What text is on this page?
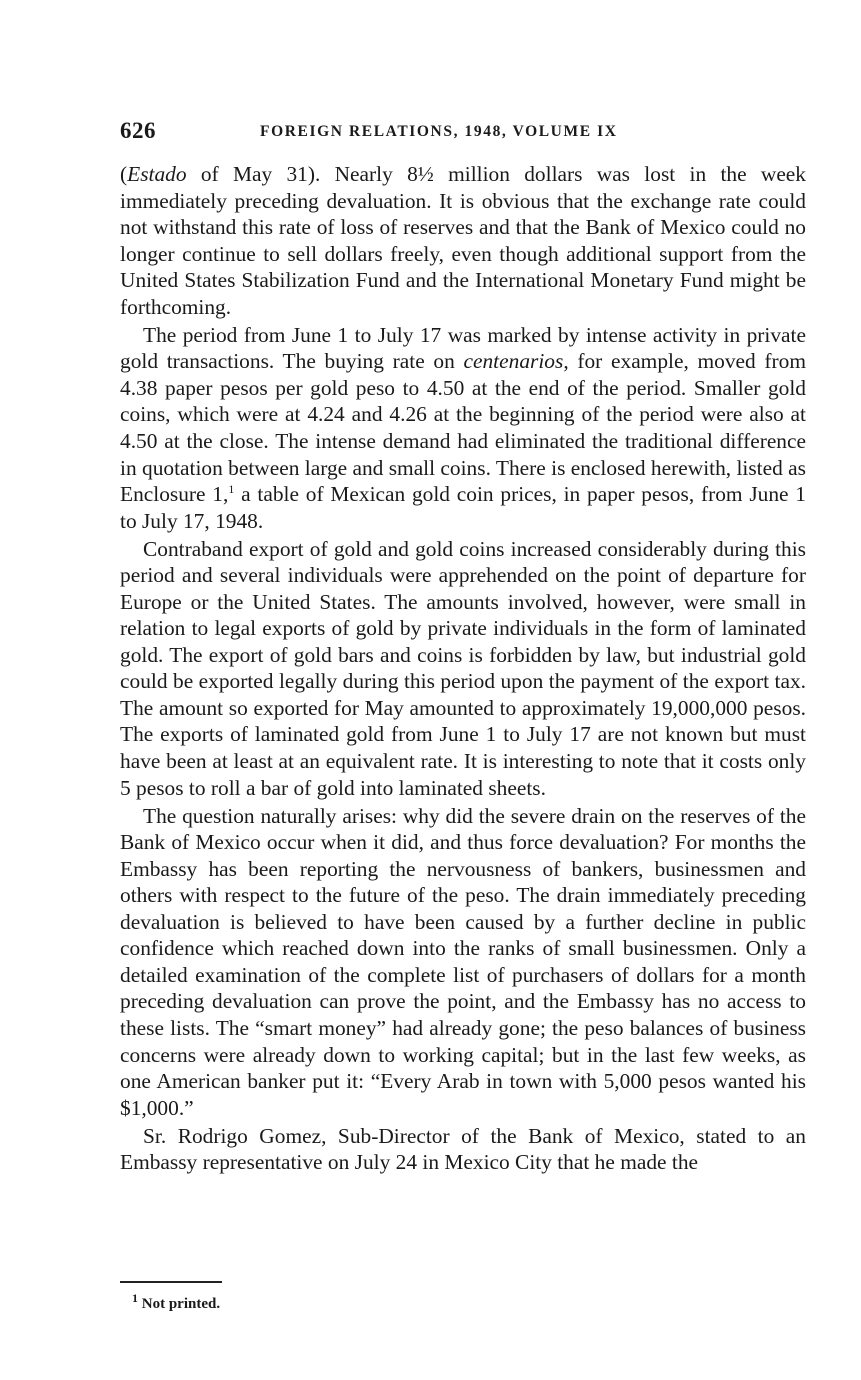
626	FOREIGN RELATIONS, 1948, VOLUME IX

(Estado of May 31). Nearly 8½ million dollars was lost in the week immediately preceding devaluation. It is obvious that the exchange rate could not withstand this rate of loss of reserves and that the Bank of Mexico could no longer continue to sell dollars freely, even though additional support from the United States Stabilization Fund and the International Monetary Fund might be forthcoming.

The period from June 1 to July 17 was marked by intense activity in private gold transactions. The buying rate on centenarios, for example, moved from 4.38 paper pesos per gold peso to 4.50 at the end of the period. Smaller gold coins, which were at 4.24 and 4.26 at the beginning of the period were also at 4.50 at the close. The intense demand had eliminated the traditional difference in quotation between large and small coins. There is enclosed herewith, listed as Enclosure 1,$^1$ a table of Mexican gold coin prices, in paper pesos, from June 1 to July 17, 1948.

Contraband export of gold and gold coins increased considerably during this period and several individuals were apprehended on the point of departure for Europe or the United States. The amounts involved, however, were small in relation to legal exports of gold by private individuals in the form of laminated gold. The export of gold bars and coins is forbidden by law, but industrial gold could be exported legally during this period upon the payment of the export tax. The amount so exported for May amounted to approximately 19,000,000 pesos. The exports of laminated gold from June 1 to July 17 are not known but must have been at least at an equivalent rate. It is interesting to note that it costs only 5 pesos to roll a bar of gold into laminated sheets.

The question naturally arises: why did the severe drain on the reserves of the Bank of Mexico occur when it did, and thus force devaluation? For months the Embassy has been reporting the nervousness of bankers, businessmen and others with respect to the future of the peso. The drain immediately preceding devaluation is believed to have been caused by a further decline in public confidence which reached down into the ranks of small businessmen. Only a detailed examination of the complete list of purchasers of dollars for a month preceding devaluation can prove the point, and the Embassy has no access to these lists. The “smart money” had already gone; the peso balances of business concerns were already down to working capital; but in the last few weeks, as one American banker put it: “Every Arab in town with 5,000 pesos wanted his $1,000.”

Sr. Rodrigo Gomez, Sub-Director of the Bank of Mexico, stated to an Embassy representative on July 24 in Mexico City that he made the

$^1$ Not printed.
